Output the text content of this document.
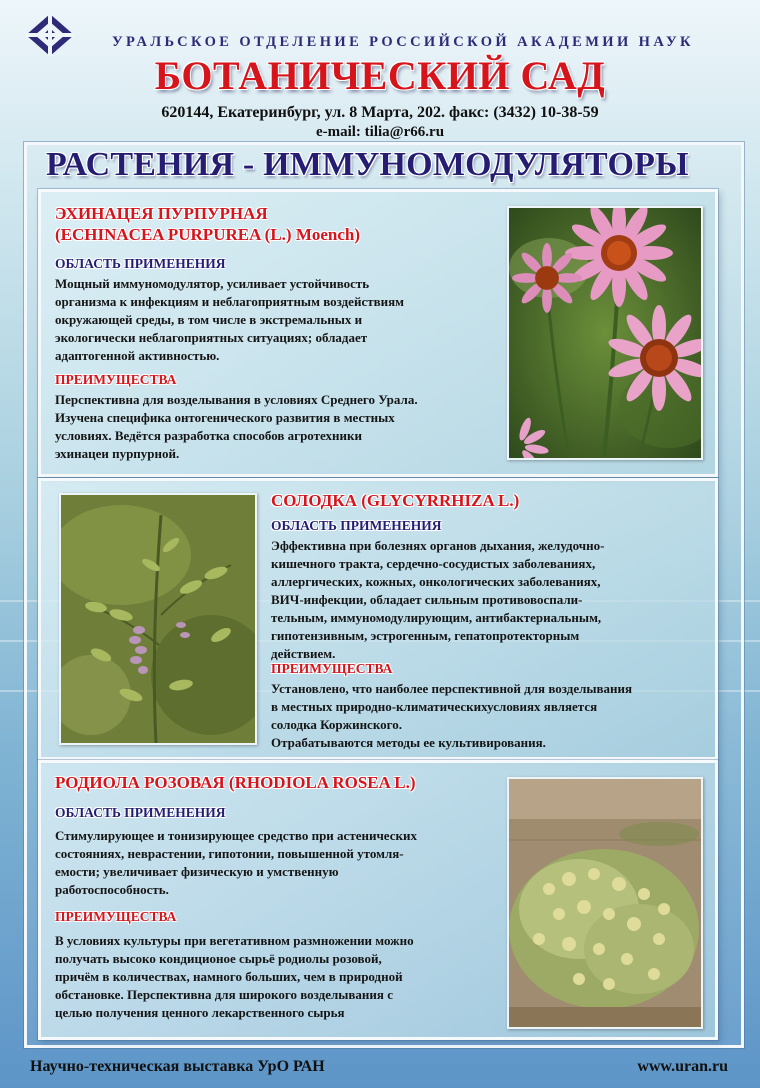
УРАЛЬСКОЕ ОТДЕЛЕНИЕ РОССИЙСКОЙ АКАДЕМИИ НАУК
БОТАНИЧЕСКИЙ САД
620144, Екатеринбург, ул. 8 Марта, 202. факс: (3432) 10-38-59
e-mail: tilia@r66.ru
РАСТЕНИЯ - ИММУНОМОДУЛЯТОРЫ
ЭХИНАЦЕЯ ПУРПУРНАЯ
(ECHINACEA PURPUREA (L.) Moench)
ОБЛАСТЬ ПРИМЕНЕНИЯ
Мощный иммуномодулятор, усиливает устойчивость
организма к инфекциям и неблагоприятным воздействиям
окружающей среды, в том числе в экстремальных и
экологически неблагоприятных ситуациях; обладает
адаптогенной активностью.
ПРЕИМУЩЕСТВА
Перспективна для возделывания в условиях Среднего Урала.
Изучена специфика онтогенического развития в местных
условиях. Ведётся разработка способов агротехники
эхинацеи пурпурной.
СОЛОДКА (GLYCYRRHIZA L.)
ОБЛАСТЬ ПРИМЕНЕНИЯ
Эффективна при болезнях органов дыхания, желудочно-
кишечного тракта, сердечно-сосудистых заболеваниях,
аллергических, кожных, онкологических заболеваниях,
ВИЧ-инфекции, обладает сильным противовоспали-
тельным, иммуномодулирующим, антибактериальным,
гипотензивным, эстрогенным, гепатопротекторным
действием.
ПРЕИМУЩЕСТВА
Установлено, что наиболее перспективной для возделывания
в местных природно-климатическихусловиях является
солодка Коржинского.
Отрабатываются методы ее культивирования.
РОДИОЛА РОЗОВАЯ (RHODIOLA ROSEA L.)
ОБЛАСТЬ ПРИМЕНЕНИЯ
Стимулирующее и тонизирующее средство при астенических
состояниях, неврастении, гипотонии, повышенной утомля-
емости; увеличивает физическую и умственную
работоспособность.
ПРЕИМУЩЕСТВА
В условиях культуры при вегетативном размножении можно
получать высоко кондиционое сырьё родиолы розовой,
причём в количествах, намного больших, чем в природной
обстановке. Перспективна для широкого возделывания с
целью получения ценного лекарственного сырья
Научно-техническая выставка УрО РАН	www.uran.ru
